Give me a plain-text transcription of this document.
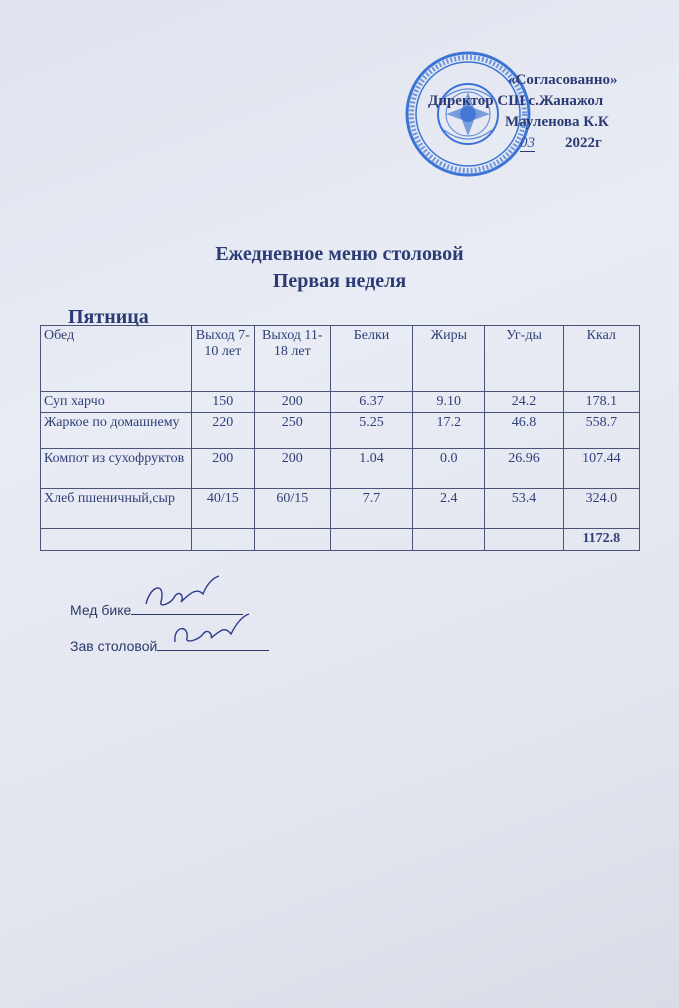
«Согласованно»
Директор СШ с.Жанажол
Мауленова К.К
03 2022г
Ежедневное меню столовой
Первая неделя
Пятница
Обед	Выход 7-10 лет	Выход 11-18 лет	Белки	Жиры	Уг-ды	Ккал
Суп харчо	150	200	6.37	9.10	24.2	178.1
Жаркое по домашнему	220	250	5.25	17.2	46.8	558.7
Компот из сухофруктов	200	200	1.04	0.0	26.96	107.44
Хлеб пшеничный,сыр	40/15	60/15	7.7	2.4	53.4	324.0
						1172.8
Мед бике
Зав столовой
